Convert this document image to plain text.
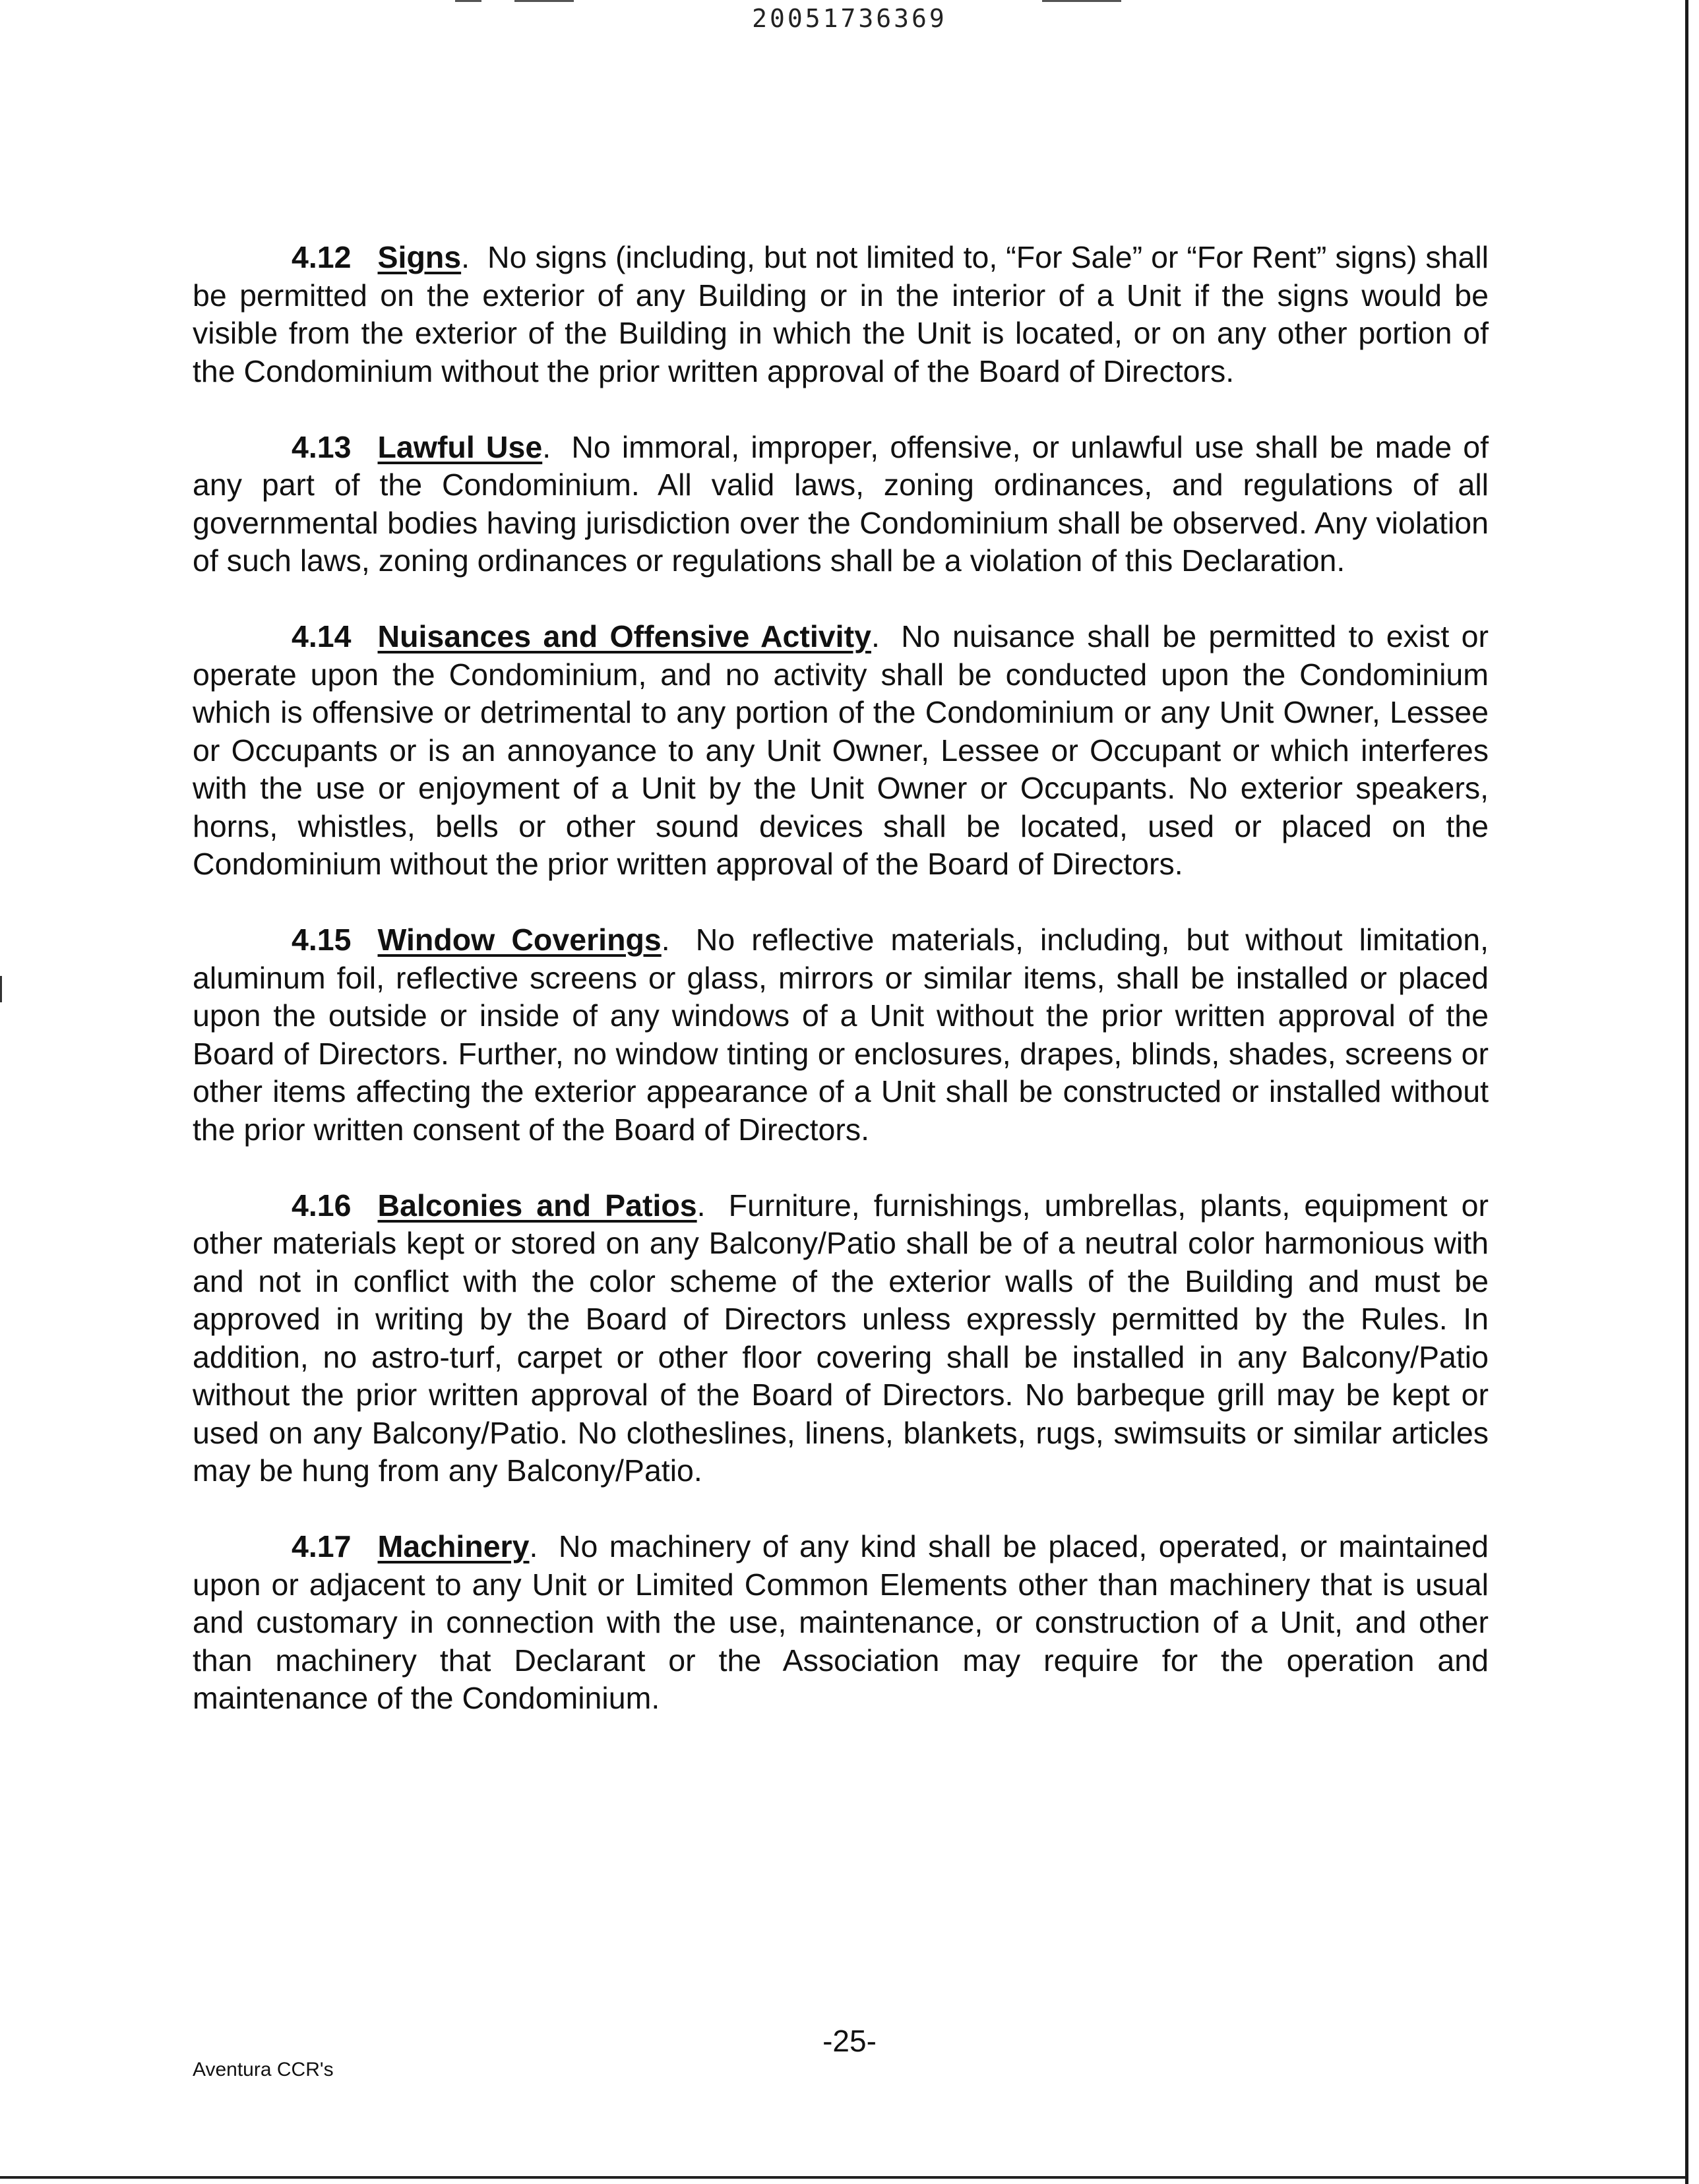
20051736369

4.12 Signs. No signs (including, but not limited to, “For Sale” or “For Rent” signs) shall be permitted on the exterior of any Building or in the interior of a Unit if the signs would be visible from the exterior of the Building in which the Unit is located, or on any other portion of the Condominium without the prior written approval of the Board of Directors.

4.13 Lawful Use. No immoral, improper, offensive, or unlawful use shall be made of any part of the Condominium. All valid laws, zoning ordinances, and regulations of all governmental bodies having jurisdiction over the Condominium shall be observed. Any violation of such laws, zoning ordinances or regulations shall be a violation of this Declaration.

4.14 Nuisances and Offensive Activity. No nuisance shall be permitted to exist or operate upon the Condominium, and no activity shall be conducted upon the Condominium which is offensive or detrimental to any portion of the Condominium or any Unit Owner, Lessee or Occupants or is an annoyance to any Unit Owner, Lessee or Occupant or which interferes with the use or enjoyment of a Unit by the Unit Owner or Occupants. No exterior speakers, horns, whistles, bells or other sound devices shall be located, used or placed on the Condominium without the prior written approval of the Board of Directors.

4.15 Window Coverings. No reflective materials, including, but without limitation, aluminum foil, reflective screens or glass, mirrors or similar items, shall be installed or placed upon the outside or inside of any windows of a Unit without the prior written approval of the Board of Directors. Further, no window tinting or enclosures, drapes, blinds, shades, screens or other items affecting the exterior appearance of a Unit shall be constructed or installed without the prior written consent of the Board of Directors.

4.16 Balconies and Patios. Furniture, furnishings, umbrellas, plants, equipment or other materials kept or stored on any Balcony/Patio shall be of a neutral color harmonious with and not in conflict with the color scheme of the exterior walls of the Building and must be approved in writing by the Board of Directors unless expressly permitted by the Rules. In addition, no astro-turf, carpet or other floor covering shall be installed in any Balcony/Patio without the prior written approval of the Board of Directors. No barbeque grill may be kept or used on any Balcony/Patio. No clotheslines, linens, blankets, rugs, swimsuits or similar articles may be hung from any Balcony/Patio.

4.17 Machinery. No machinery of any kind shall be placed, operated, or maintained upon or adjacent to any Unit or Limited Common Elements other than machinery that is usual and customary in connection with the use, maintenance, or construction of a Unit, and other than machinery that Declarant or the Association may require for the operation and maintenance of the Condominium.

-25-
Aventura CCR's
